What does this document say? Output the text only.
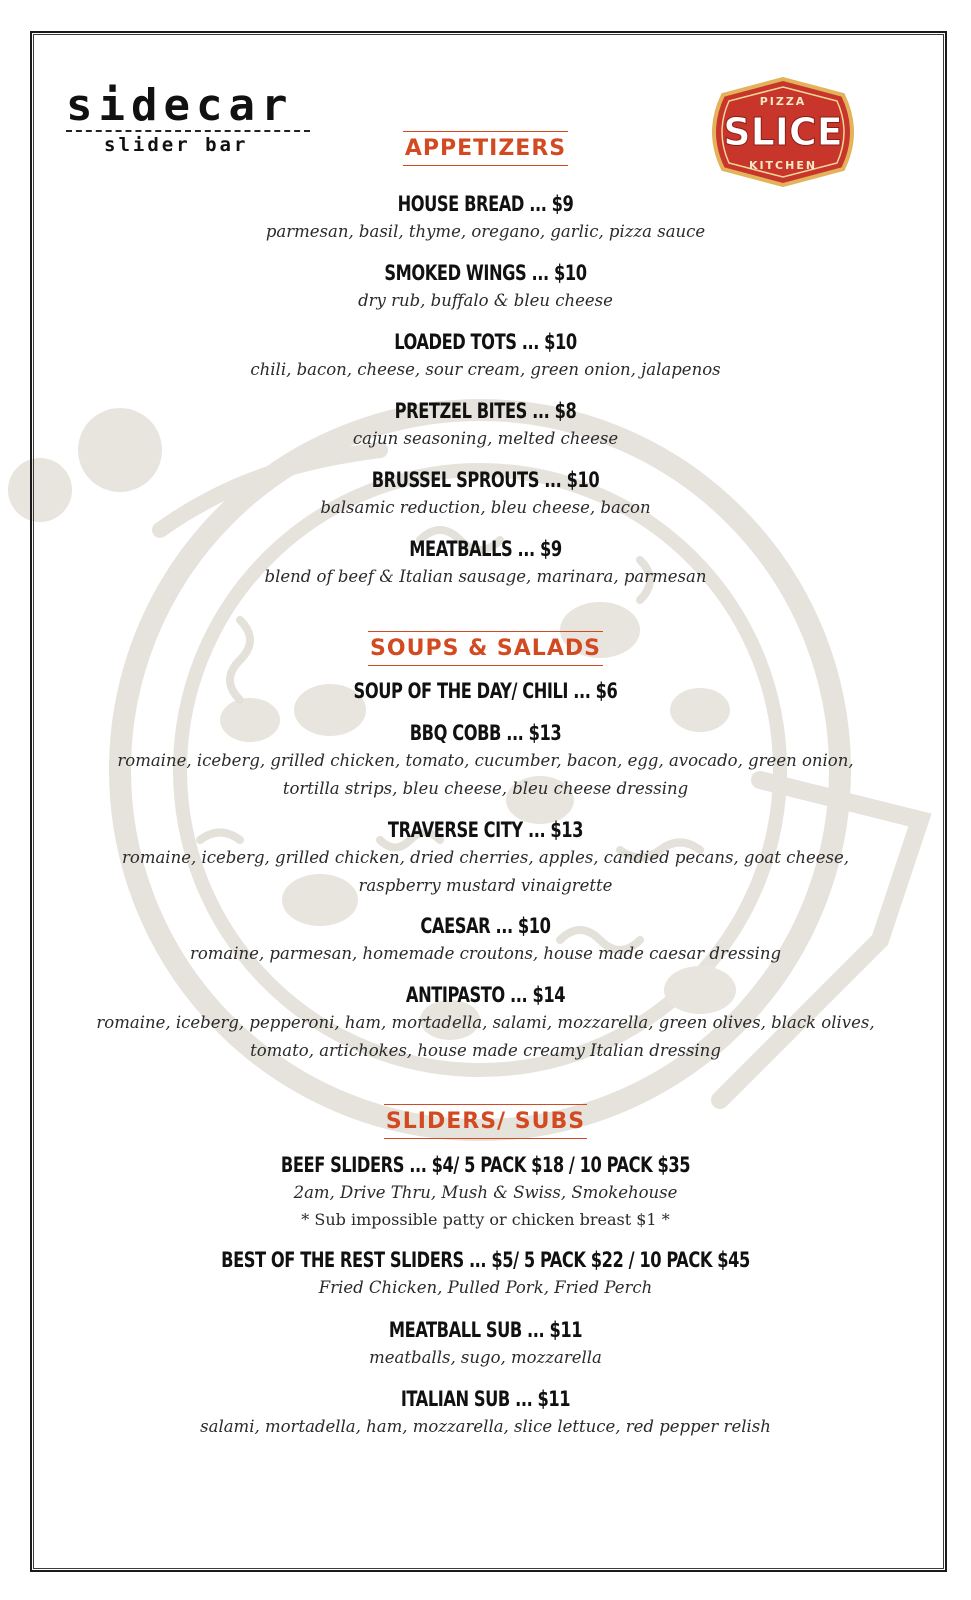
sidecar
slider bar
PIZZA
SLICE
KITCHEN
APPETIZERS
HOUSE BREAD ... $9
parmesan, basil, thyme, oregano, garlic, pizza sauce
SMOKED WINGS ... $10
dry rub, buffalo & bleu cheese
LOADED TOTS ... $10
chili, bacon, cheese, sour cream, green onion, jalapenos
PRETZEL BITES ... $8
cajun seasoning, melted cheese
BRUSSEL SPROUTS ... $10
balsamic reduction, bleu cheese, bacon
MEATBALLS ... $9
blend of beef & Italian sausage, marinara, parmesan
SOUPS & SALADS
SOUP OF THE DAY/ CHILI ... $6
BBQ COBB ... $13
romaine, iceberg, grilled chicken, tomato, cucumber, bacon, egg, avocado, green onion, tortilla strips, bleu cheese, bleu cheese dressing
TRAVERSE CITY ... $13
romaine, iceberg, grilled chicken, dried cherries, apples, candied pecans, goat cheese, raspberry mustard vinaigrette
CAESAR ... $10
romaine, parmesan, homemade croutons, house made caesar dressing
ANTIPASTO ... $14
romaine, iceberg, pepperoni, ham, mortadella, salami, mozzarella, green olives, black olives, tomato, artichokes, house made creamy Italian dressing
SLIDERS/ SUBS
BEEF SLIDERS ... $4/ 5 PACK $18 / 10 PACK $35
2am, Drive Thru, Mush & Swiss, Smokehouse
* Sub impossible patty or chicken breast $1 *
BEST OF THE REST SLIDERS ... $5/ 5 PACK $22 / 10 PACK $45
Fried Chicken, Pulled Pork, Fried Perch
MEATBALL SUB ... $11
meatballs, sugo, mozzarella
ITALIAN SUB ... $11
salami, mortadella, ham, mozzarella, slice lettuce, red pepper relish
